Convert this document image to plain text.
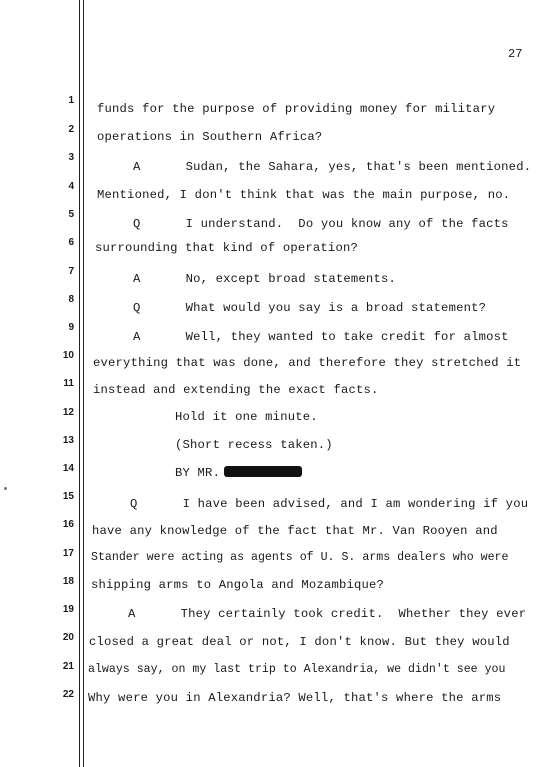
27
1
funds for the purpose of providing money for military
2
operations in Southern Africa?
3
A      Sudan, the Sahara, yes, that's been mentioned.
4
Mentioned, I don't think that was the main purpose, no.
5
Q      I understand.  Do you know any of the facts
6 surrounding that kind of operation?
7
A      No, except broad statements.
8
Q      What would you say is a broad statement?
9
A      Well, they wanted to take credit for almost
10
everything that was done, and therefore they stretched it
11 instead and extending the exact facts.
12	Hold it one minute.
13	(Short recess taken.)
14	BY MR.
15
Q      I have been advised, and I am wondering if you
16 have any knowledge of the fact that Mr. Van Rooyen and
17 Stander were acting as agents of U. S. arms dealers who were
18 shipping arms to Angola and Mozambique?
19	A      They certainly took credit.  Whether they ever
20 closed a great deal or not, I don't know. But they would
21 always say, on my last trip to Alexandria, we didn't see you
22 Why were you in Alexandria? Well, that's where the arms
